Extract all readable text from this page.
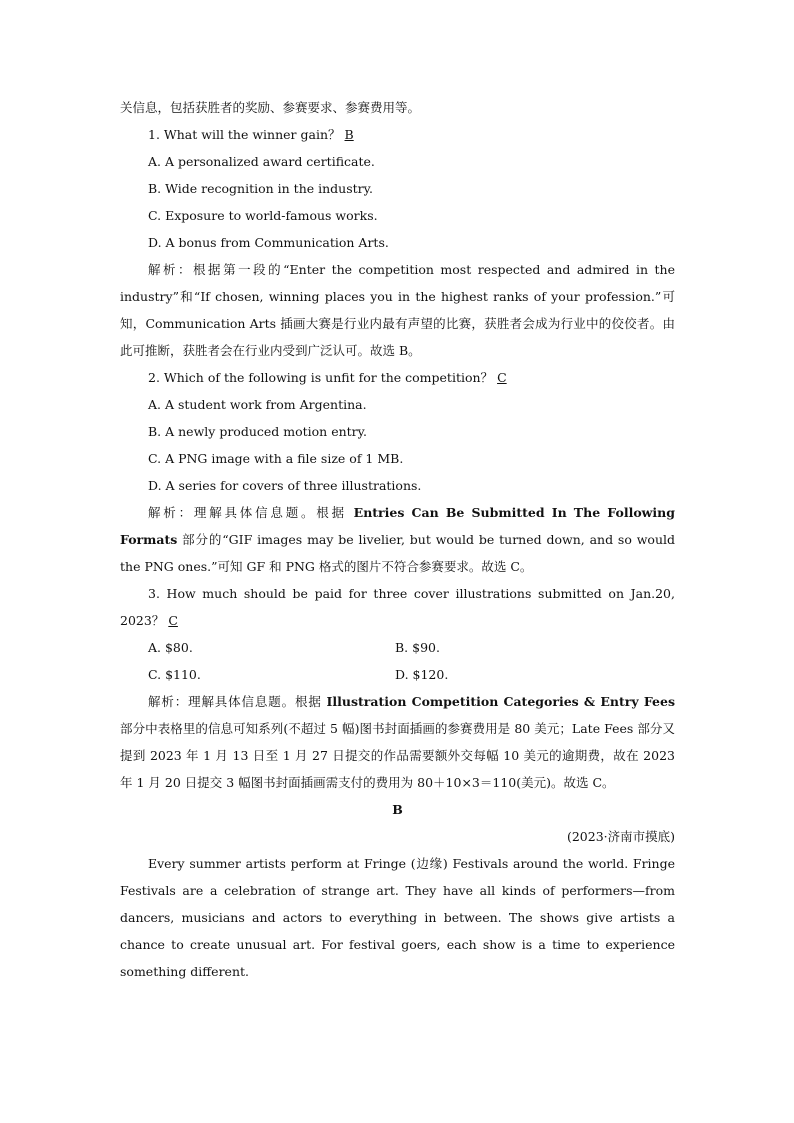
关信息，包括获胜者的奖励、参赛要求、参赛费用等。

1. What will the winner gain？ B

A. A personalized award certificate.

B. Wide recognition in the industry.

C. Exposure to world-famous works.

D. A bonus from Communication Arts.

解析：根据第一段的“Enter the competition most respected and admired in the industry”和“If chosen, winning places you in the highest ranks of your profession.”可知，Communication Arts 插画大赛是行业内最有声望的比赛，获胜者会成为行业中的佼佼者。由此可推断，获胜者会在行业内受到广泛认可。故选 B。

2. Which of the following is unfit for the competition？ C

A. A student work from Argentina.

B. A newly produced motion entry.

C. A PNG image with a file size of 1 MB.

D. A series for covers of three illustrations.

解析：理解具体信息题。根据 Entries Can Be Submitted In The Following Formats 部分的“GIF images may be livelier, but would be turned down, and so would the PNG ones.”可知 GF 和 PNG 格式的图片不符合参赛要求。故选 C。

3. How much should be paid for three cover illustrations submitted on Jan.20, 2023？ C

A. $80.	B. $90.
C. $110.	D. $120.

解析：理解具体信息题。根据 Illustration Competition Categories & Entry Fees 部分中表格里的信息可知系列(不超过 5 幅)图书封面插画的参赛费用是 80 美元；Late Fees 部分又提到 2023 年 1 月 13 日至 1 月 27 日提交的作品需要额外交每幅 10 美元的逾期费，故在 2023 年 1 月 20 日提交 3 幅图书封面插画需支付的费用为 80＋10×3＝110(美元)。故选 C。

B

(2023·济南市摸底)

Every summer artists perform at Fringe (边缘) Festivals around the world. Fringe Festivals are a celebration of strange art. They have all kinds of performers—from dancers, musicians and actors to everything in between. The shows give artists a chance to create unusual art. For festival goers, each show is a time to experience something different.
